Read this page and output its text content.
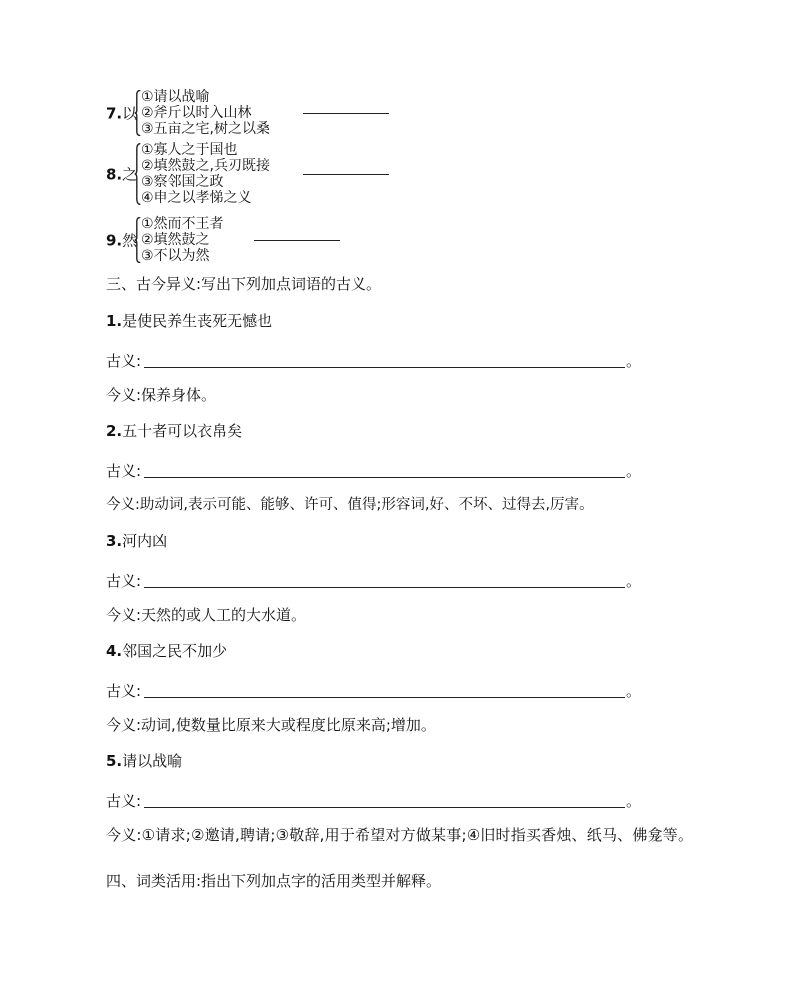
7.以
①请以战喻
②斧斤以时入山林
③五亩之宅,树之以桑
8.之
①寡人之于国也
②填然鼓之,兵刃既接
③察邻国之政
④申之以孝悌之义
9.然
①然而不王者
②填然鼓之
③不以为然
三、古今异义:写出下列加点词语的古义。
1.是使民养生丧死无憾也
古义:	。
今义:保养身体。
2.五十者可以衣帛矣
古义:	。
今义:助动词,表示可能、能够、许可、值得;形容词,好、不坏、过得去,厉害。
3.河内凶
古义:	。
今义:天然的或人工的大水道。
4.邻国之民不加少
古义:	。
今义:动词,使数量比原来大或程度比原来高;增加。
5.请以战喻
古义:	。
今义:①请求;②邀请,聘请;③敬辞,用于希望对方做某事;④旧时指买香烛、纸马、佛龛等。
四、词类活用:指出下列加点字的活用类型并解释。
